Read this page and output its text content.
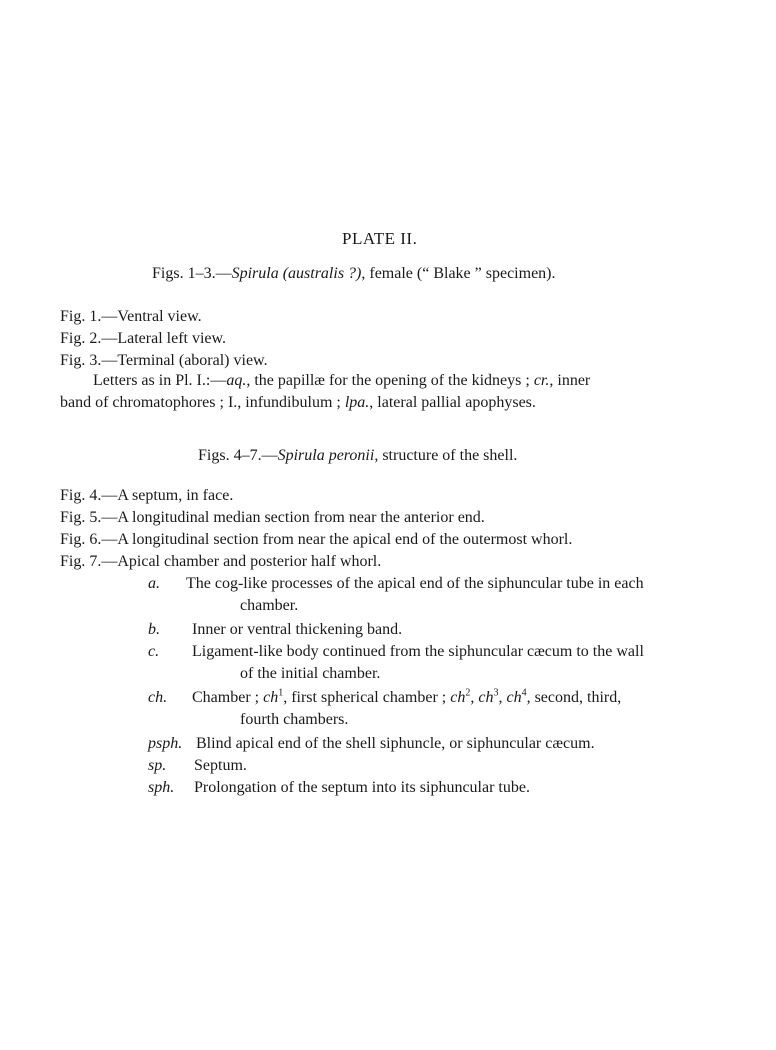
PLATE II.
Figs. 1–3.—Spirula (australis ?), female (“ Blake ” specimen).
Fig. 1.—Ventral view.
Fig. 2.—Lateral left view.
Fig. 3.—Terminal (aboral) view.
Letters as in Pl. I.:—aq., the papillæ for the opening of the kidneys ; cr., inner
band of chromatophores ; I., infundibulum ; lpa., lateral pallial apophyses.
Figs. 4–7.—Spirula peronii, structure of the shell.
Fig. 4.—A septum, in face.
Fig. 5.—A longitudinal median section from near the anterior end.
Fig. 6.—A longitudinal section from near the apical end of the outermost whorl.
Fig. 7.—Apical chamber and posterior half whorl.
a.	The cog-like processes of the apical end of the siphuncular tube in each
chamber.
b.	Inner or ventral thickening band.
c.	Ligament-like body continued from the siphuncular cæcum to the wall
of the initial chamber.
ch.	Chamber ; $ch^1$, first spherical chamber ; $ch^2$, $ch^3$, $ch^4$, second, third,
fourth chambers.
psph. Blind apical end of the shell siphuncle, or siphuncular cæcum.
sp.	Septum.
sph.	Prolongation of the septum into its siphuncular tube.
